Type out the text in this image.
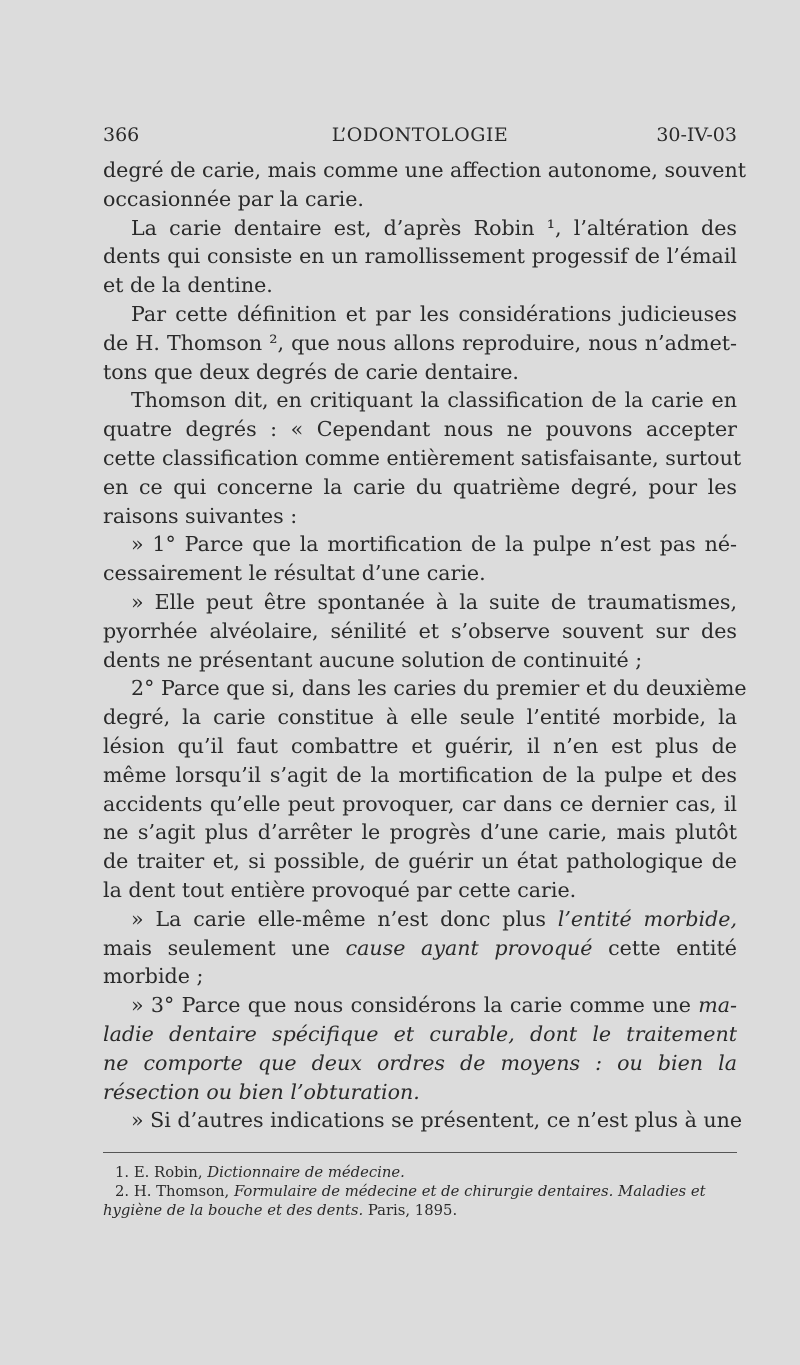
366	L’ODONTOLOGIE	30-IV-03
degré de carie, mais comme une affection autonome, souvent
occasionnée par la carie.
La carie dentaire est, d’après Robin ¹, l’altération des
dents qui consiste en un ramollissement progessif de l’émail
et de la dentine.
Par cette définition et par les considérations judicieuses
de H. Thomson ², que nous allons reproduire, nous n’admet-
tons que deux degrés de carie dentaire.
Thomson dit, en critiquant la classification de la carie en
quatre degrés : « Cependant nous ne pouvons accepter
cette classification comme entièrement satisfaisante, surtout
en ce qui concerne la carie du quatrième degré, pour les
raisons suivantes :
» 1° Parce que la mortification de la pulpe n’est pas né-
cessairement le résultat d’une carie.
» Elle peut être spontanée à la suite de traumatismes,
pyorrhée alvéolaire, sénilité et s’observe souvent sur des
dents ne présentant aucune solution de continuité ;
2° Parce que si, dans les caries du premier et du deuxième
degré, la carie constitue à elle seule l’entité morbide, la
lésion qu’il faut combattre et guérir, il n’en est plus de
même lorsqu’il s’agit de la mortification de la pulpe et des
accidents qu’elle peut provoquer, car dans ce dernier cas, il
ne s’agit plus d’arrêter le progrès d’une carie, mais plutôt
de traiter et, si possible, de guérir un état pathologique de
la dent tout entière provoqué par cette carie.
» La carie elle-même n’est donc plus l’entité morbide,
mais seulement une cause ayant provoqué cette entité
morbide ;
» 3° Parce que nous considérons la carie comme une ma-
ladie dentaire spécifique et curable, dont le traitement
ne comporte que deux ordres de moyens : ou bien la
résection ou bien l’obturation.
» Si d’autres indications se présentent, ce n’est plus à une
1. E. Robin, Dictionnaire de médecine.
2. H. Thomson, Formulaire de médecine et de chirurgie dentaires. Maladies et
hygiène de la bouche et des dents. Paris, 1895.
